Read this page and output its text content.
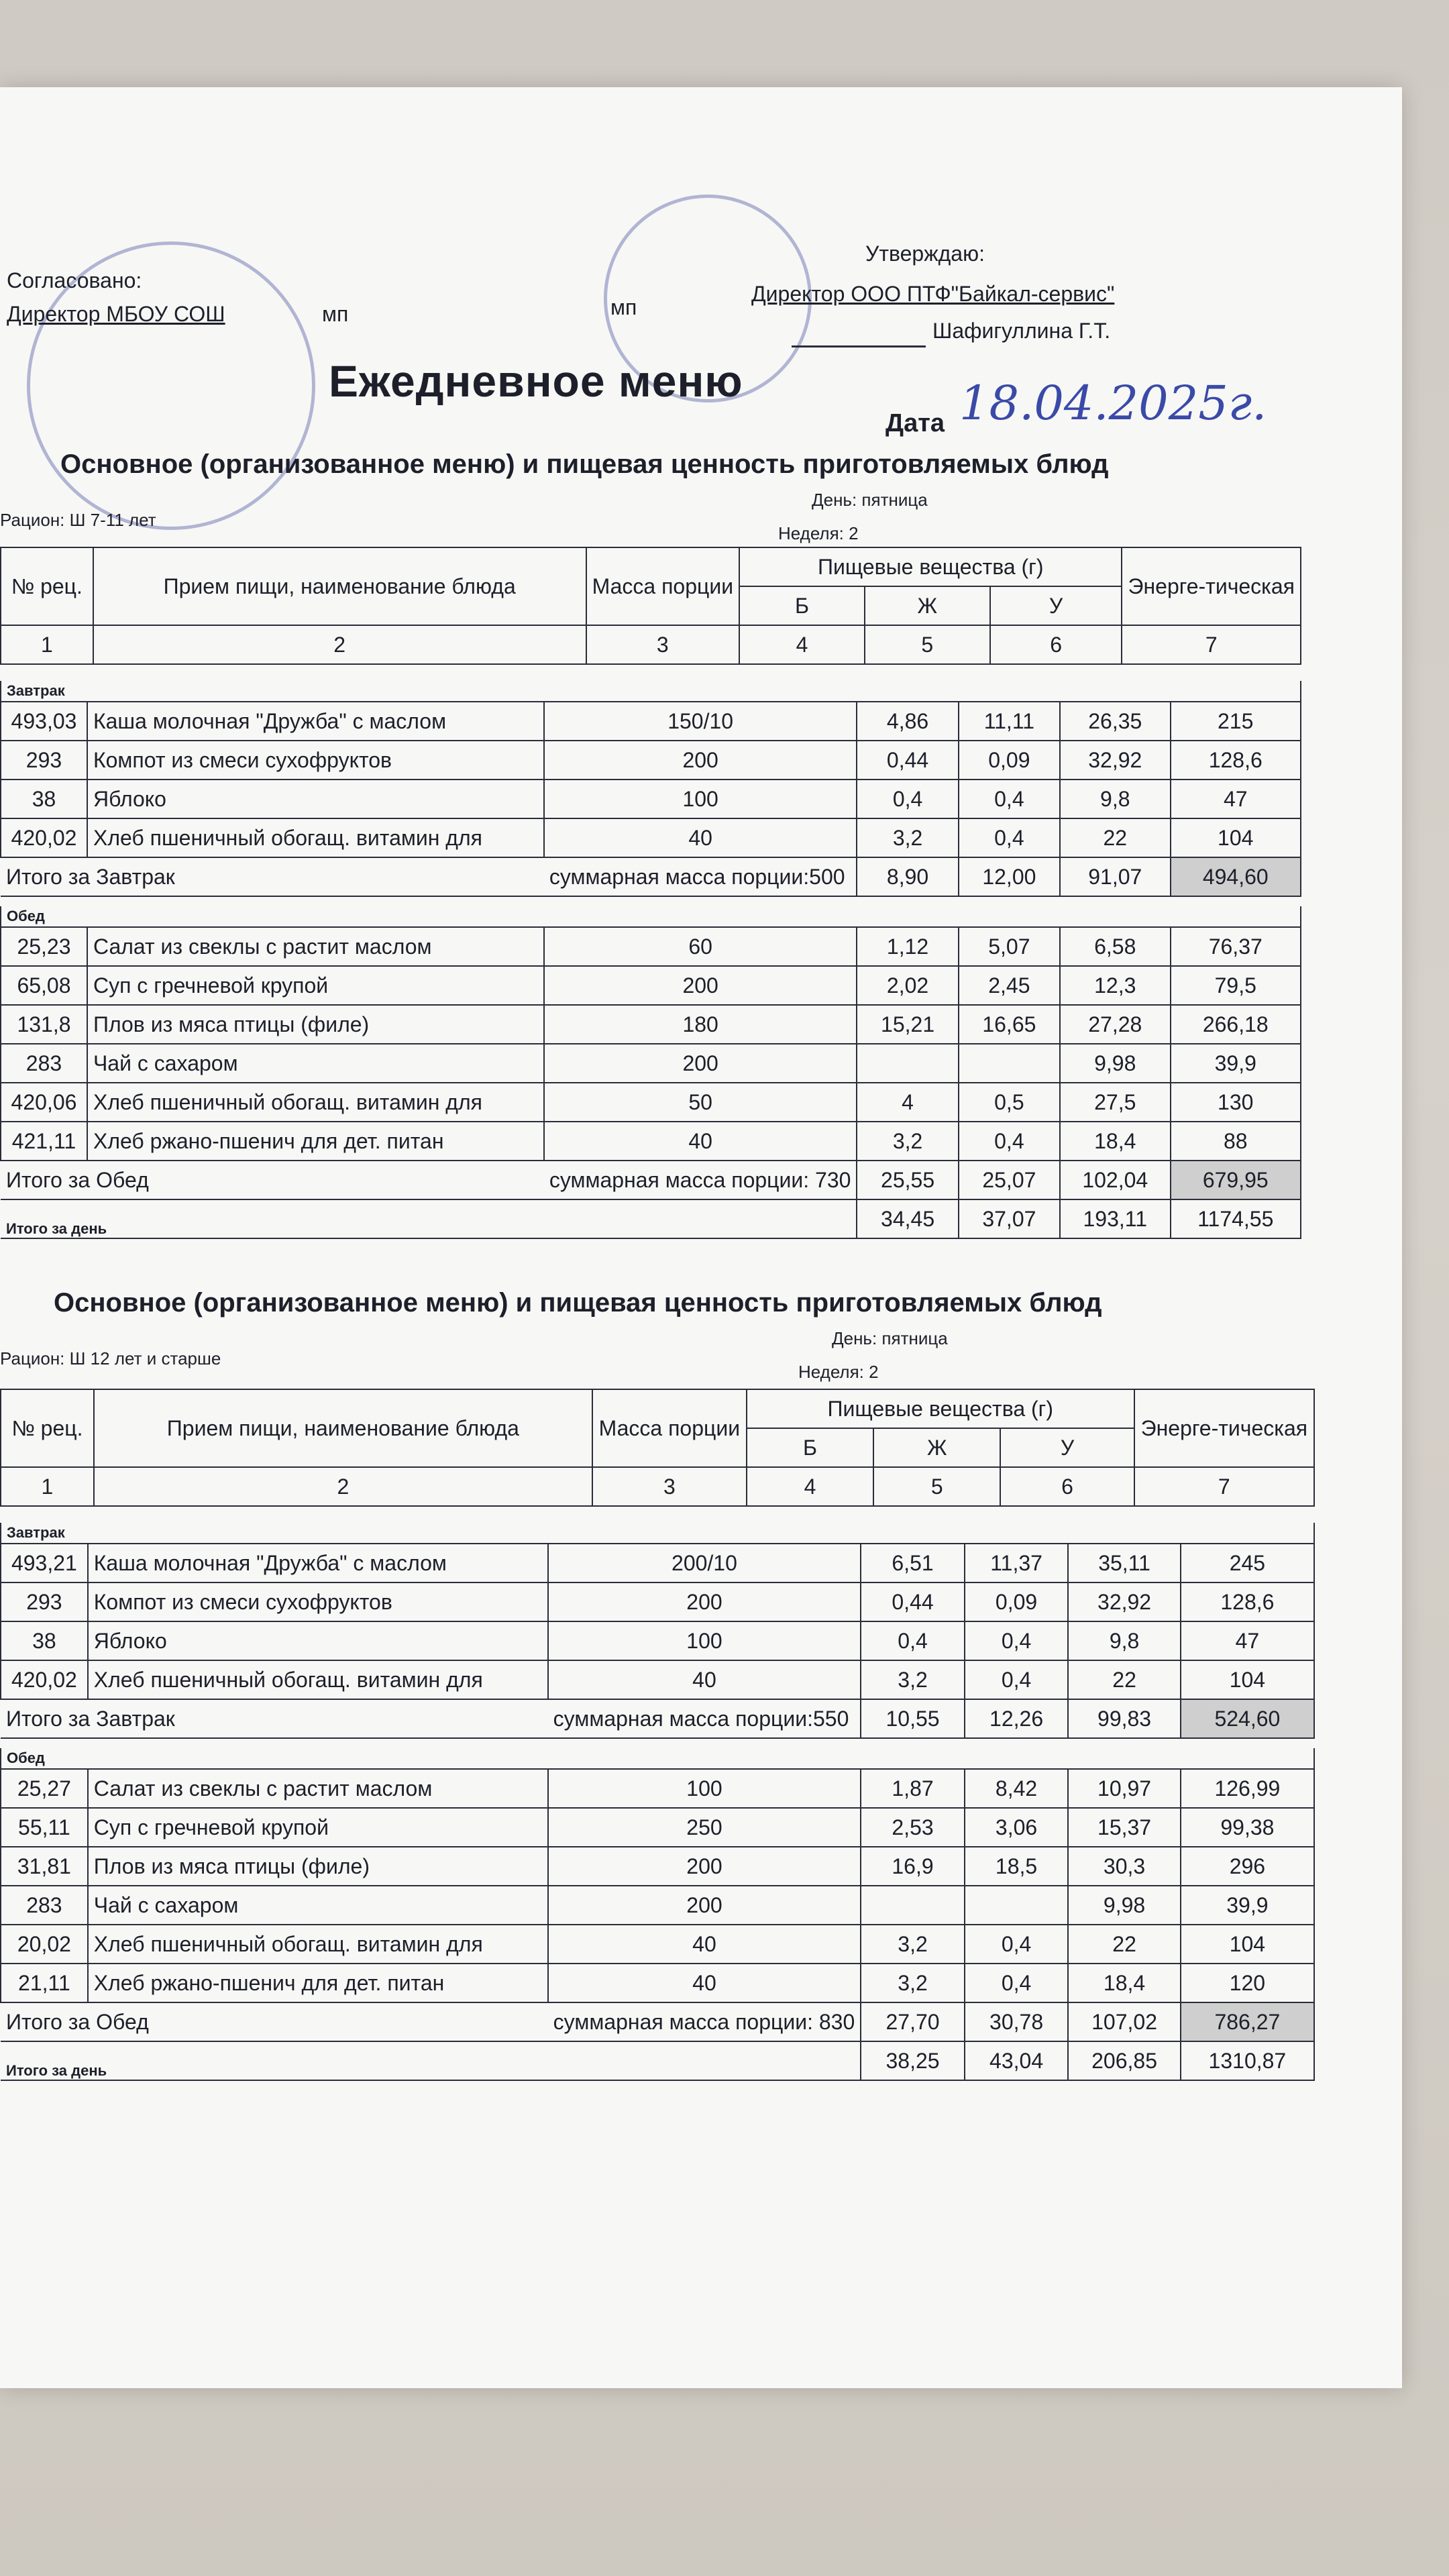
Согласовано:
Директор МБОУ СОШ	мп	мп
Утверждаю:
Директор ООО ПТФ"Байкал-сервис"
Шафигуллина Г.Т.
Ежедневное меню
Дата 18.04.2025г.
Основное (организованное меню) и пищевая ценность приготовляемых блюд
Рацион: Ш 7-11 лет
День: пятница
Неделя: 2
№ рец.	Прием пищи, наименование блюда	Масса порции	Пищевые вещества (г)			Энерге-тическая
			Б	Ж	У	
1	2	3	4	5	6	7
Завтрак						
493,03	Каша молочная "Дружба" с маслом	150/10	4,86	11,11	26,35	215
293	Компот из смеси сухофруктов	200	0,44	0,09	32,92	128,6
38	Яблоко	100	0,4	0,4	9,8	47
420,02	Хлеб пшеничный обогащ. витамин для	40	3,2	0,4	22	104
Итого за Завтрак		суммарная масса порции:500	8,90	12,00	91,07	494,60

Обед						
25,23	Салат из свеклы с растит маслом	60	1,12	5,07	6,58	76,37
65,08	Суп с гречневой крупой	200	2,02	2,45	12,3	79,5
131,8	Плов из мяса птицы (филе)	180	15,21	16,65	27,28	266,18
283	Чай с сахаром	200			9,98	39,9
420,06	Хлеб пшеничный обогащ. витамин для	50	4	0,5	27,5	130
421,11	Хлеб ржано-пшенич для дет. питан	40	3,2	0,4	18,4	88
Итого за Обед		суммарная масса порции: 730	25,55	25,07	102,04	679,95
Итого за день			34,45	37,07	193,11	1174,55
Основное (организованное меню) и пищевая ценность приготовляемых блюд
Рацион: Ш 12 лет и старше
День: пятница
Неделя: 2
№ рец.	Прием пищи, наименование блюда	Масса порции	Пищевые вещества (г)			Энерге-тическая
			Б	Ж	У	
1	2	3	4	5	6	7
Завтрак						
493,21	Каша молочная "Дружба" с маслом	200/10	6,51	11,37	35,11	245
293	Компот из смеси сухофруктов	200	0,44	0,09	32,92	128,6
38	Яблоко	100	0,4	0,4	9,8	47
420,02	Хлеб пшеничный обогащ. витамин для	40	3,2	0,4	22	104
Итого за Завтрак		суммарная масса порции:550	10,55	12,26	99,83	524,60

Обед						
25,27	Салат из свеклы с растит маслом	100	1,87	8,42	10,97	126,99
55,11	Суп с гречневой крупой	250	2,53	3,06	15,37	99,38
31,81	Плов из мяса птицы (филе)	200	16,9	18,5	30,3	296
283	Чай с сахаром	200			9,98	39,9
20,02	Хлеб пшеничный обогащ. витамин для	40	3,2	0,4	22	104
21,11	Хлеб ржано-пшенич для дет. питан	40	3,2	0,4	18,4	120
Итого за Обед		суммарная масса порции: 830	27,70	30,78	107,02	786,27
Итого за день			38,25	43,04	206,85	1310,87
